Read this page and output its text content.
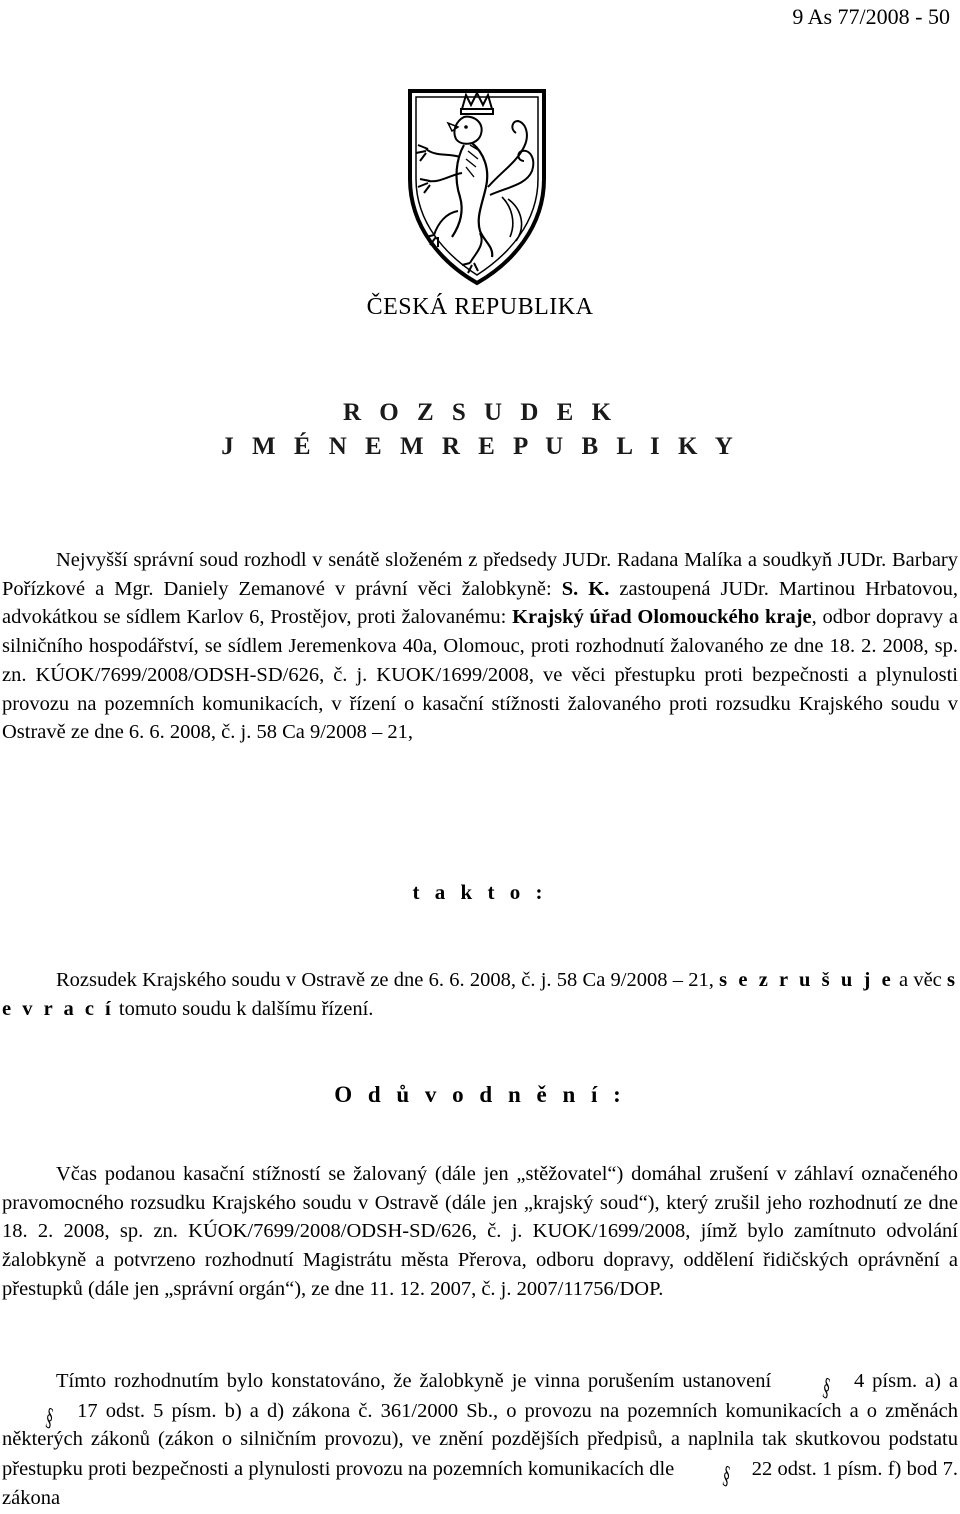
9 As 77/2008 - 50
ČESKÁ REPUBLIKA
R O Z S U D E K
J M É N E M R E P U B L I K Y

Nejvyšší správní soud rozhodl v senátě složeném z předsedy JUDr. Radana Malíka a soudkyň JUDr. Barbary Pořízkové a Mgr. Daniely Zemanové v právní věci žalobkyně: S. K. zastoupená JUDr. Martinou Hrbatovou, advokátkou se sídlem Karlov 6, Prostějov, proti žalovanému: Krajský úřad Olomouckého kraje, odbor dopravy a silničního hospodářství, se sídlem Jeremenkova 40a, Olomouc, proti rozhodnutí žalovaného ze dne 18. 2. 2008, sp. zn. KÚOK/7699/2008/ODSH-SD/626, č. j. KUOK/1699/2008, ve věci přestupku proti bezpečnosti a plynulosti provozu na pozemních komunikacích, v řízení o kasační stížnosti žalovaného proti rozsudku Krajského soudu v Ostravě ze dne 6. 6. 2008, č. j. 58 Ca 9/2008 – 21,

t a k t o :

Rozsudek Krajského soudu v Ostravě ze dne 6. 6. 2008, č. j. 58 Ca 9/2008 – 21, s e z r u š u j e a věc s e v r a c í tomuto soudu k dalšímu řízení.

O d ů v o d n ě n í :

Včas podanou kasační stížností se žalovaný (dále jen „stěžovatel“) domáhal zrušení v záhlaví označeného pravomocného rozsudku Krajského soudu v Ostravě (dále jen „krajský soud“), který zrušil jeho rozhodnutí ze dne 18. 2. 2008, sp. zn. KÚOK/7699/2008/ODSH-SD/626, č. j. KUOK/1699/2008, jímž bylo zamítnuto odvolání žalobkyně a potvrzeno rozhodnutí Magistrátu města Přerova, odboru dopravy, oddělení řidičských oprávnění a přestupků (dále jen „správní orgán“), ze dne 11. 12. 2007, č. j. 2007/11756/DOP.

Tímto rozhodnutím bylo konstatováno, že žalobkyně je vinna porušením ustanovení § 4 písm. a) a § 17 odst. 5 písm. b) a d) zákona č. 361/2000 Sb., o provozu na pozemních komunikacích a o změnách některých zákonů (zákon o silničním provozu), ve znění pozdějších předpisů, a naplnila tak skutkovou podstatu přestupku proti bezpečnosti a plynulosti provozu na pozemních komunikacích dle § 22 odst. 1 písm. f) bod 7. zákona
